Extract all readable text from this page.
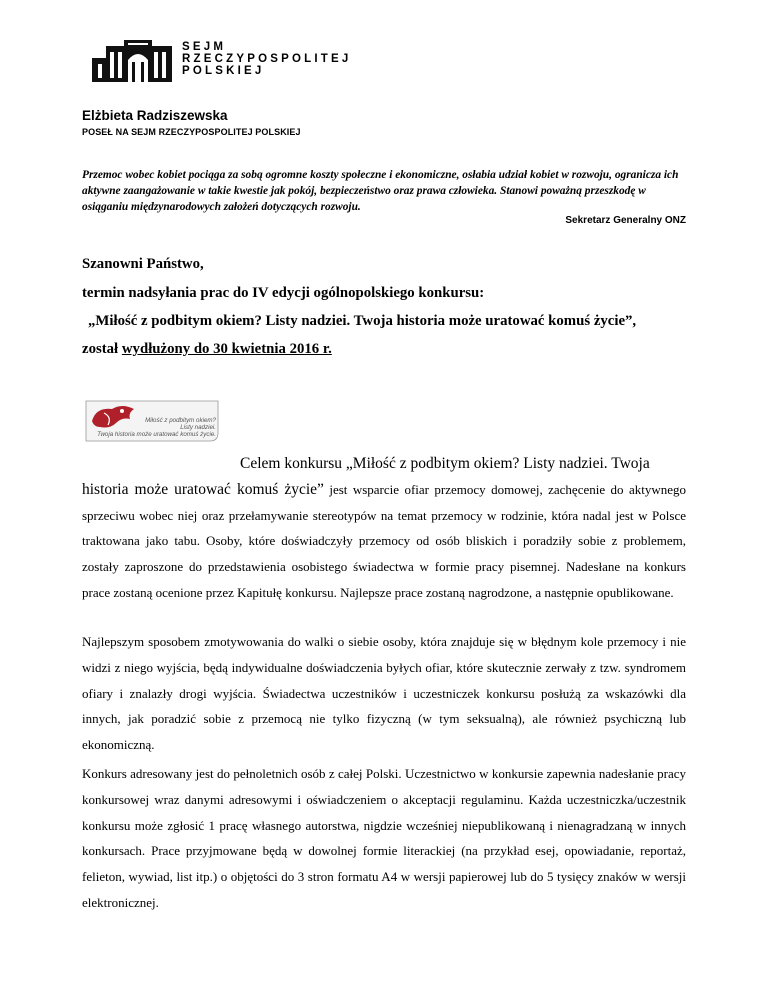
SEJM
RZECZYPOSPOLITEJ
POLSKIEJ
Elżbieta Radziszewska
POSEŁ NA SEJM RZECZYPOSPOLITEJ POLSKIEJ
Przemoc wobec kobiet pociąga za sobą ogromne koszty społeczne i ekonomiczne, osłabia udział kobiet w rozwoju, ogranicza ich aktywne zaangażowanie w takie kwestie jak pokój, bezpieczeństwo oraz prawa człowieka. Stanowi poważną przeszkodę w osiąganiu międzynarodowych założeń dotyczących rozwoju.
Sekretarz Generalny ONZ
Szanowni Państwo,
termin nadsyłania prac do IV edycji ogólnopolskiego konkursu:
„Miłość z podbitym okiem? Listy nadziei. Twoja historia może uratować komuś życie”,
został wydłużony do 30 kwietnia 2016 r.
Miłość z podbitym okiem?
Listy nadziei.
Twoja historia może uratować komuś życie.
Celem konkursu „Miłość z podbitym okiem? Listy nadziei. Twoja
historia może uratować komuś życie” jest wsparcie ofiar przemocy domowej, zachęcenie do aktywnego sprzeciwu wobec niej oraz przełamywanie stereotypów na temat przemocy w rodzinie, która nadal jest w Polsce traktowana jako tabu. Osoby, które doświadczyły przemocy od osób bliskich i poradziły sobie z problemem, zostały zaproszone do przedstawienia osobistego świadectwa w formie pracy pisemnej. Nadesłane na konkurs prace zostaną ocenione przez Kapitułę konkursu. Najlepsze prace zostaną nagrodzone, a następnie opublikowane.
Najlepszym sposobem zmotywowania do walki o siebie osoby, która znajduje się w błędnym kole przemocy i nie widzi z niego wyjścia, będą indywidualne doświadczenia byłych ofiar, które skutecznie zerwały z tzw. syndromem ofiary i znalazły drogi wyjścia. Świadectwa uczestników i uczestniczek konkursu posłużą za wskazówki dla innych, jak poradzić sobie z przemocą nie tylko fizyczną (w tym seksualną), ale również psychiczną lub ekonomiczną.
Konkurs adresowany jest do pełnoletnich osób z całej Polski. Uczestnictwo w konkursie zapewnia nadesłanie pracy konkursowej wraz danymi adresowymi i oświadczeniem o akceptacji regulaminu. Każda uczestniczka/uczestnik konkursu może zgłosić 1 pracę własnego autorstwa, nigdzie wcześniej niepublikowaną i nienagradzaną w innych konkursach. Prace przyjmowane będą w dowolnej formie literackiej (na przykład esej, opowiadanie, reportaż, felieton, wywiad, list itp.) o objętości do 3 stron formatu A4 w wersji papierowej lub do 5 tysięcy znaków w wersji elektronicznej.
